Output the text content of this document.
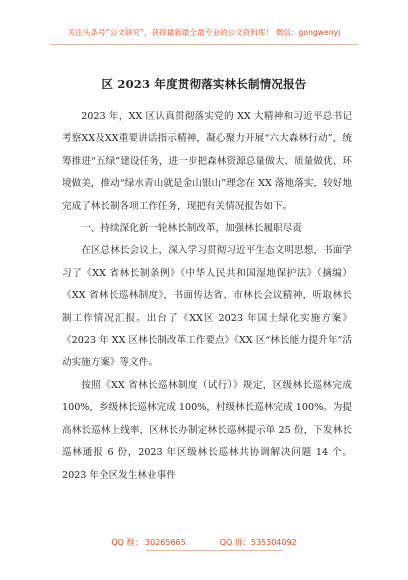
关注头条号“公文研究”，获得最新最全最专业的公文资料库！ 微信：gongwenyj
区 2023 年度贯彻落实林长制情况报告

2023 年，XX 区认真贯彻落实党的 XX 大精神和习近平总书记考察XX及XX重要讲话指示精神，凝心聚力开展“六大森林行动”，统筹推进“五绿”建设任务，进一步把森林资源总量做大、质量做优、环境做美，推动“绿水青山就是金山银山”理念在 XX 落地落实，较好地完成了林长制各项工作任务，现把有关情况报告如下。

一、持续深化新一轮林长制改革，加强林长履职尽责

在区总林长会议上，深入学习贯彻习近平生态文明思想，书面学习了《XX 省林长制条例》《中华人民共和国湿地保护法》（摘编）《XX 省林长巡林制度》，书面传达省、市林长会议精神，听取林长制工作情况汇报。出台了《XX区 2023 年国土绿化实施方案》《2023 年 XX 区林长制改革工作要点》《XX 区“林长能力提升年”活动实施方案》等文件。

按照《XX 省林长巡林制度（试行）》规定，区级林长巡林完成 100%，乡级林长巡林完成 100%，村级林长巡林完成 100%。为提高林长巡林上线率，区林长办制定林长巡林提示单 25 份，下发林长巡林通报 6 份，2023 年区级林长巡林共协调解决问题 14 个。2023 年全区发生林业事件

QQ 群： 30265665	QQ 群：535304092
